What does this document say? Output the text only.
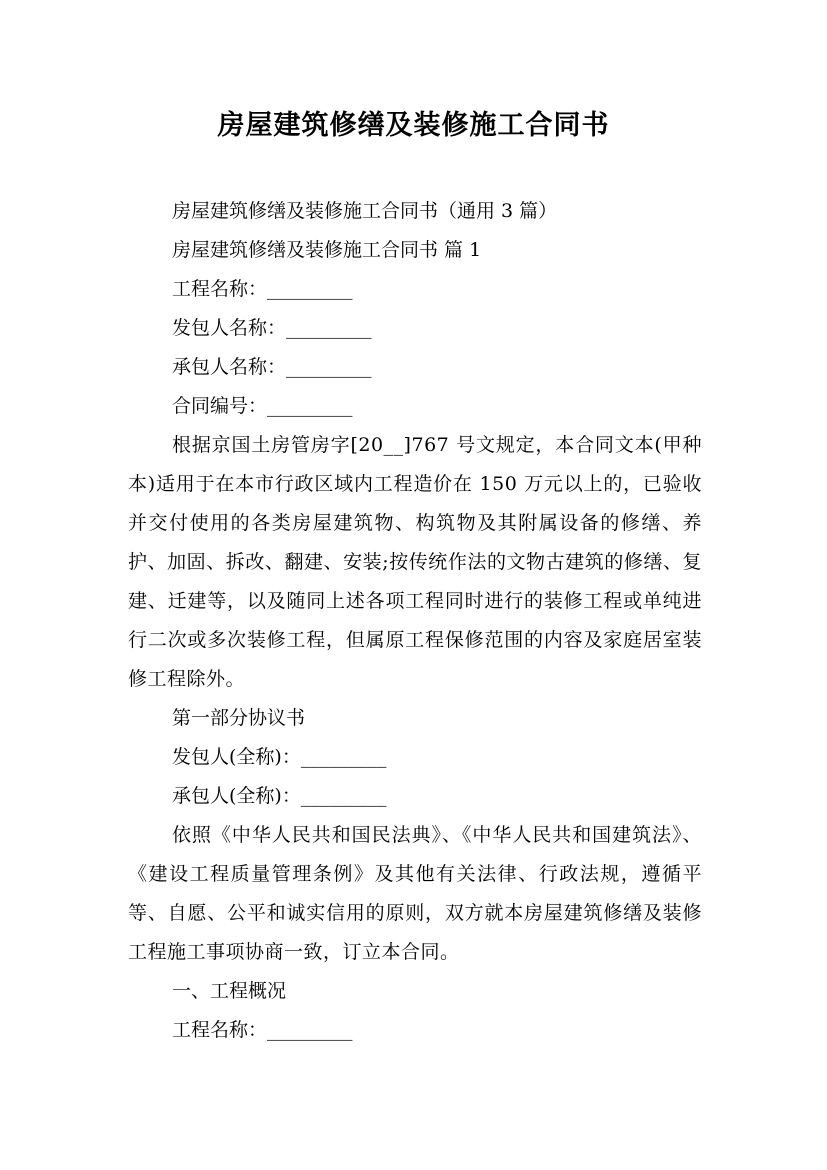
房屋建筑修缮及装修施工合同书
房屋建筑修缮及装修施工合同书（通用 3 篇）
房屋建筑修缮及装修施工合同书 篇 1
工程名称：_________
发包人名称：_________
承包人名称：_________
合同编号：_________
根据京国土房管房字[20__]767 号文规定，本合同文本(甲种本)适用于在本市行政区域内工程造价在 150 万元以上的，已验收并交付使用的各类房屋建筑物、构筑物及其附属设备的修缮、养护、加固、拆改、翻建、安装;按传统作法的文物古建筑的修缮、复建、迁建等，以及随同上述各项工程同时进行的装修工程或单纯进行二次或多次装修工程，但属原工程保修范围的内容及家庭居室装修工程除外。
第一部分协议书
发包人(全称)：_________
承包人(全称)：_________
依照《中华人民共和国民法典》、《中华人民共和国建筑法》、《建设工程质量管理条例》及其他有关法律、行政法规，遵循平等、自愿、公平和诚实信用的原则，双方就本房屋建筑修缮及装修工程施工事项协商一致，订立本合同。
一、工程概况
工程名称：_________
